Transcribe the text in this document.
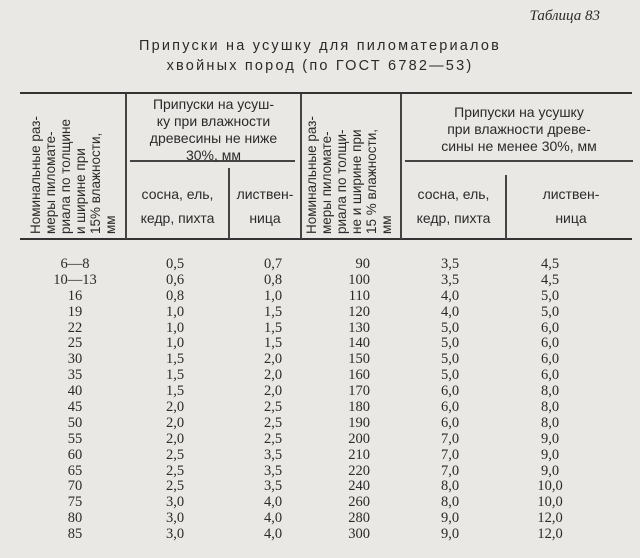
Таблица 83
Припуски на усушку для пиломатериалов
хвойных пород (по ГОСТ 6782—53)
Номинальные раз-
меры пиломате-
риала по толщине
и ширине при
15% влажности,
мм	Номинальные раз-
меры пиломате-
риала по толщи-
не и ширине при
15 % влажности,
мм
Припуски на усуш-
ку при влажности
древесины не ниже
30%, мм
Припуски на усушку
при влажности древе-
сины не менее 30%, мм
сосна, ель,
кедр, пихта
листвен-
ница
сосна, ель,
кедр, пихта
листвен-
ница
6—8
10—13
16
19
22
25
30
35
40
45
50
55
60
65
70
75
80
85
0,5
0,6
0,8
1,0
1,0
1,0
1,5
1,5
1,5
2,0
2,0
2,0
2,5
2,5
2,5
3,0
3,0
3,0
0,7
0,8
1,0
1,5
1,5
1,5
2,0
2,0
2,0
2,5
2,5
2,5
3,5
3,5
3,5
4,0
4,0
4,0
90
100
110
120
130
140
150
160
170
180
190
200
210
220
240
260
280
300
3,5
3,5
4,0
4,0
5,0
5,0
5,0
5,0
6,0
6,0
6,0
7,0
7,0
7,0
8,0
8,0
9,0
9,0
4,5
4,5
5,0
5,0
6,0
6,0
6,0
6,0
8,0
8,0
8,0
9,0
9,0
9,0
10,0
10,0
12,0
12,0
